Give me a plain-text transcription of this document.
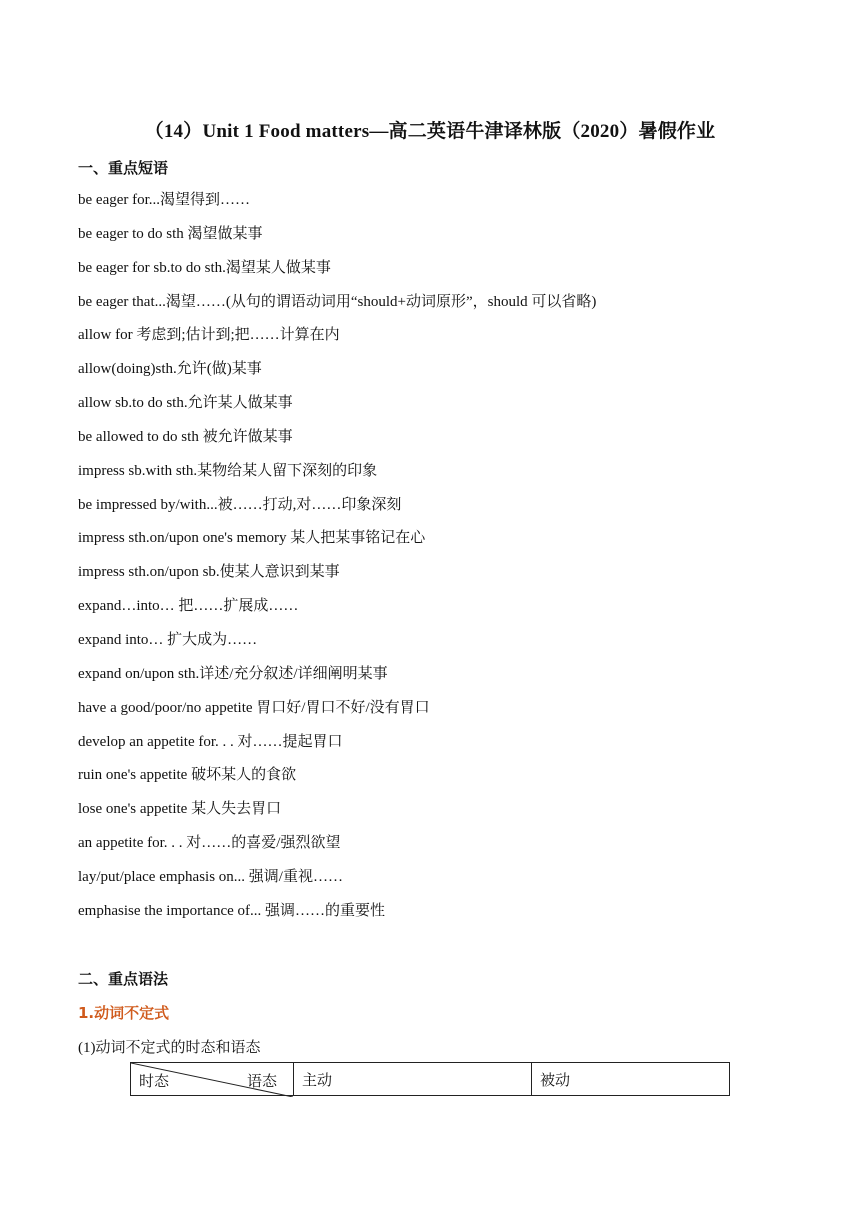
（14）Unit 1 Food matters—高二英语牛津译林版（2020）暑假作业
一、重点短语
be eager for...渴望得到……
be eager to do sth 渴望做某事
be eager for sb.to do sth.渴望某人做某事
be eager that...渴望……(从句的谓语动词用“should+动词原形”，should 可以省略)
allow for 考虑到;估计到;把……计算在内
allow(doing)sth.允许(做)某事
allow sb.to do sth.允许某人做某事
be allowed to do sth 被允许做某事
impress sb.with sth.某物给某人留下深刻的印象
be impressed by/with...被……打动,对……印象深刻
impress sth.on/upon one's memory 某人把某事铭记在心
impress sth.on/upon sb.使某人意识到某事
expand…into… 把……扩展成……
expand into… 扩大成为……
expand on/upon sth.详述/充分叙述/详细阐明某事
have a good/poor/no appetite 胃口好/胃口不好/没有胃口
develop an appetite for. . . 对……提起胃口
ruin one's appetite 破坏某人的食欲
lose one's appetite 某人失去胃口
an appetite for. . . 对……的喜爱/强烈欲望
lay/put/place emphasis on... 强调/重视……
emphasise the importance of... 强调……的重要性
二、重点语法
1.动词不定式
(1)动词不定式的时态和语态
时态	语态	主动	被动
